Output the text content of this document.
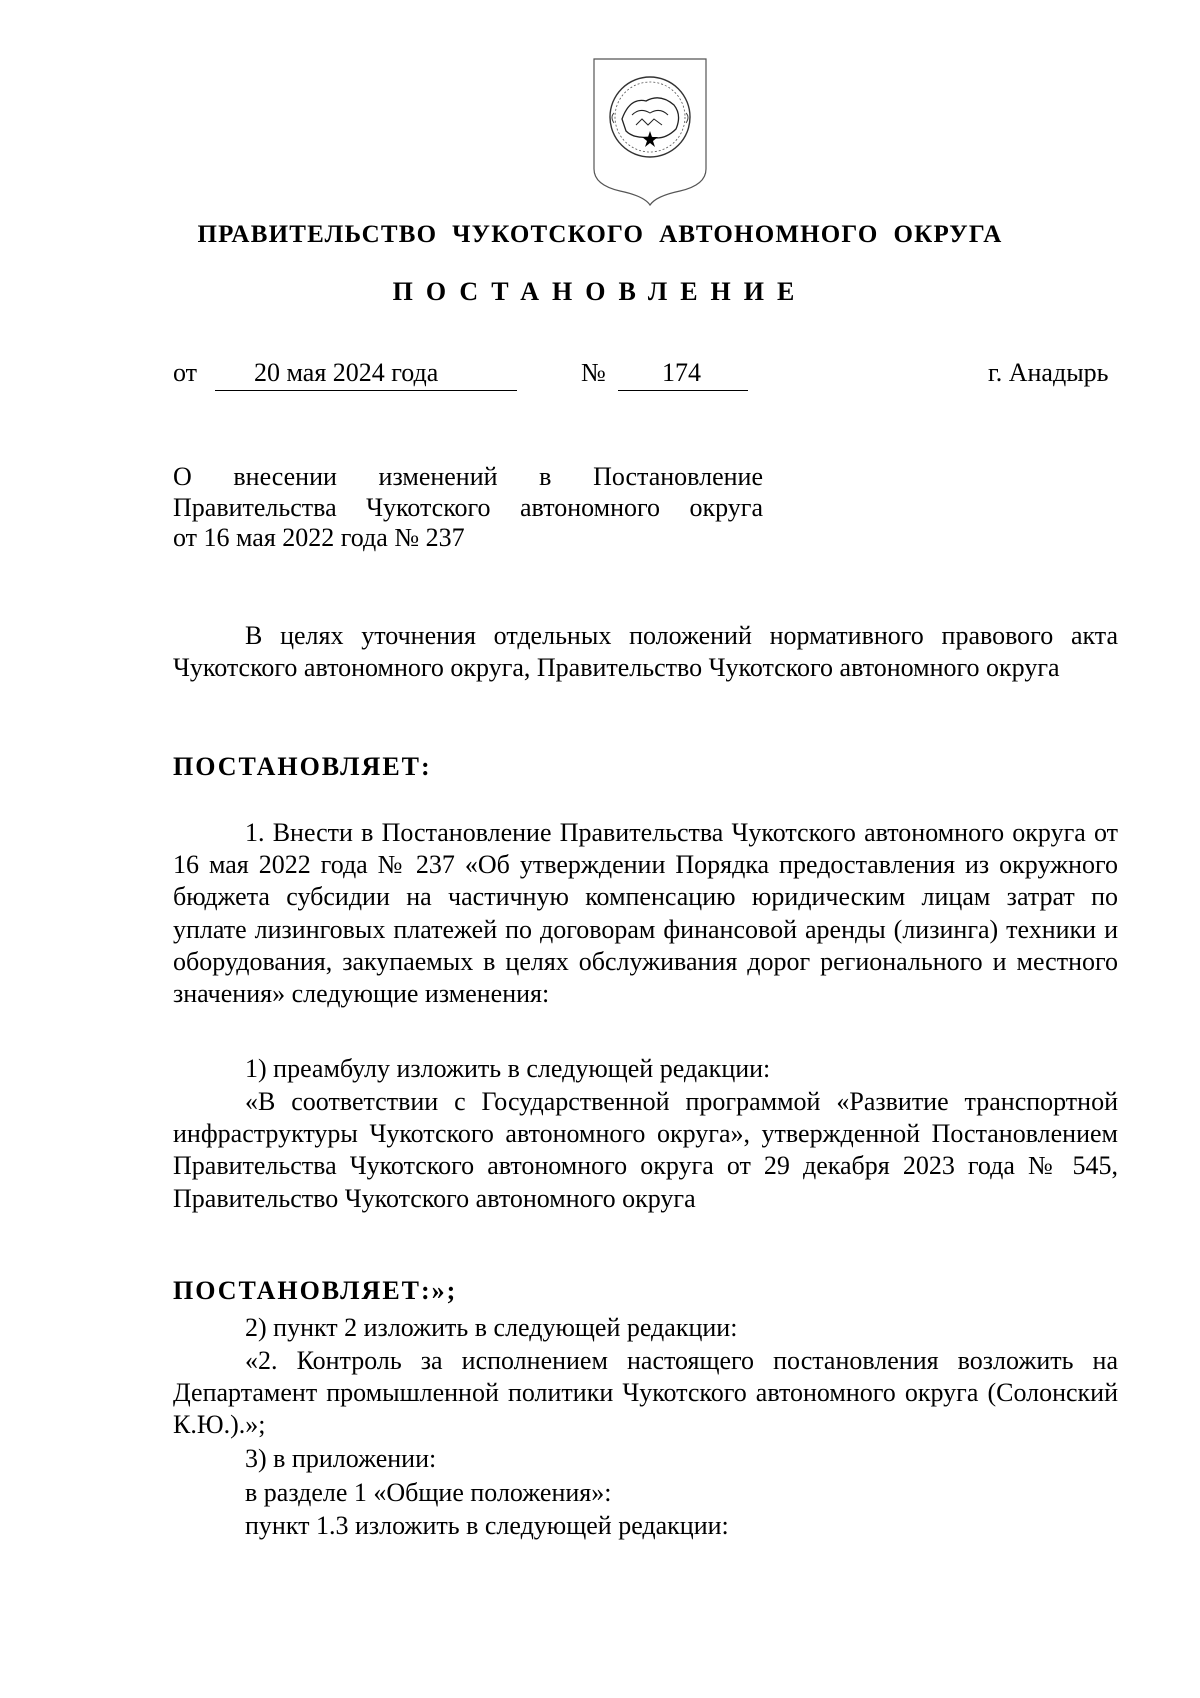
ПРАВИТЕЛЬСТВО  ЧУКОТСКОГО  АВТОНОМНОГО  ОКРУГА
ПОСТАНОВЛЕНИЕ
от 20 мая 2024 года	№ 174	г. Анадырь
О внесении изменений в Постановление
Правительства Чукотского автономного округа
от 16 мая 2022 года № 237
В целях уточнения отдельных положений нормативного правового акта Чукотского автономного округа, Правительство Чукотского автономного округа
ПОСТАНОВЛЯЕТ:
1. Внести в Постановление Правительства Чукотского автономного округа от 16 мая 2022 года № 237 «Об утверждении Порядка предоставления из окружного бюджета субсидии на частичную компенсацию юридическим лицам затрат по уплате лизинговых платежей по договорам финансовой аренды (лизинга) техники и оборудования, закупаемых в целях обслуживания дорог регионального и местного значения» следующие изменения:
1) преамбулу изложить в следующей редакции:
«В соответствии с Государственной программой «Развитие транспортной инфраструктуры Чукотского автономного округа», утвержденной Постановлением Правительства Чукотского автономного округа от 29 декабря 2023 года № 545, Правительство Чукотского автономного округа
ПОСТАНОВЛЯЕТ:»;
2) пункт 2 изложить в следующей редакции:
«2. Контроль за исполнением настоящего постановления возложить на Департамент промышленной политики Чукотского автономного округа (Солонский К.Ю.).»;
3) в приложении:
в разделе 1 «Общие положения»:
пункт 1.3 изложить в следующей редакции:
